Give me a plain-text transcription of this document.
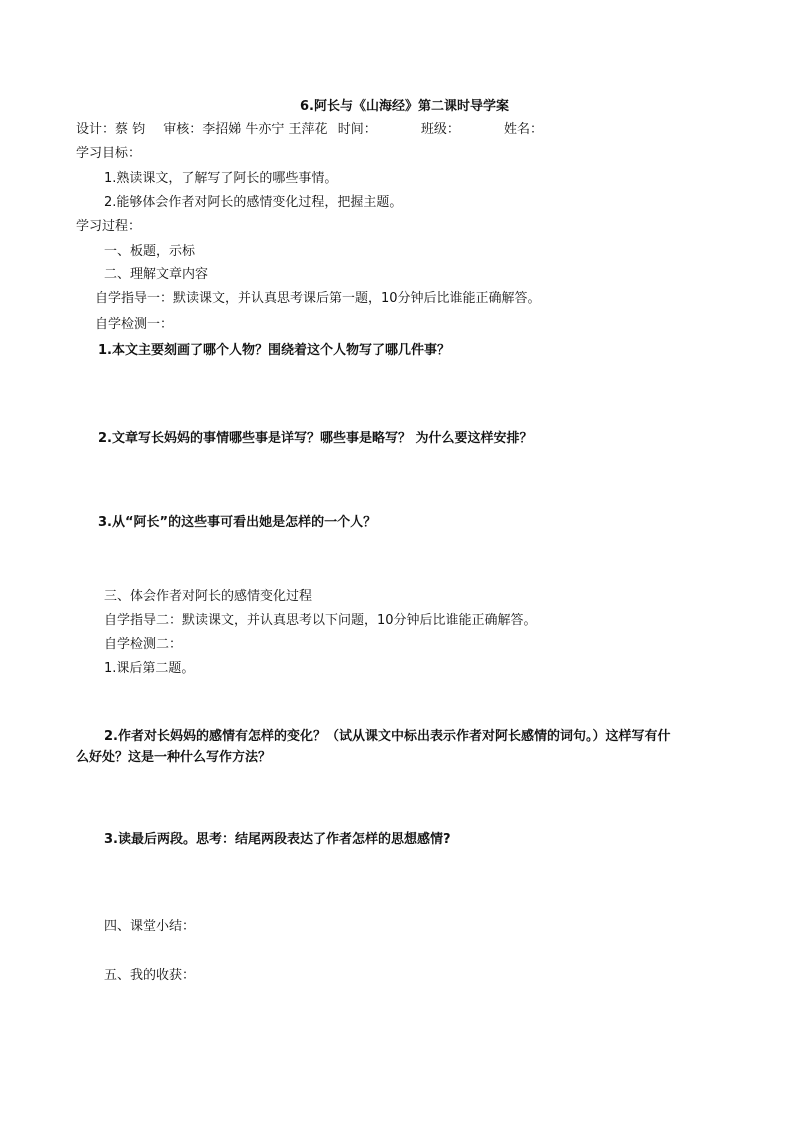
6.阿长与《山海经》第二课时导学案
设计：蔡 钧 审核：李招娣 牛亦宁 王萍花 时间：	班级：	姓名：
学习目标：
1.熟读课文，了解写了阿长的哪些事情。
2.能够体会作者对阿长的感情变化过程，把握主题。
学习过程：
一、板题，示标
二、理解文章内容
自学指导一：默读课文，并认真思考课后第一题，10分钟后比谁能正确解答。
自学检测一：
1.本文主要刻画了哪个人物？围绕着这个人物写了哪几件事？
2.文章写长妈妈的事情哪些事是详写？哪些事是略写？ 为什么要这样安排？
3.从“阿长”的这些事可看出她是怎样的一个人？
三、体会作者对阿长的感情变化过程
自学指导二：默读课文，并认真思考以下问题，10分钟后比谁能正确解答。
自学检测二：
1.课后第二题。
2.作者对长妈妈的感情有怎样的变化？（试从课文中标出表示作者对阿长感情的词句。）这样写有什
么好处？这是一种什么写作方法？
3.读最后两段。思考：结尾两段表达了作者怎样的思想感情?
四、课堂小结：
五、我的收获：
